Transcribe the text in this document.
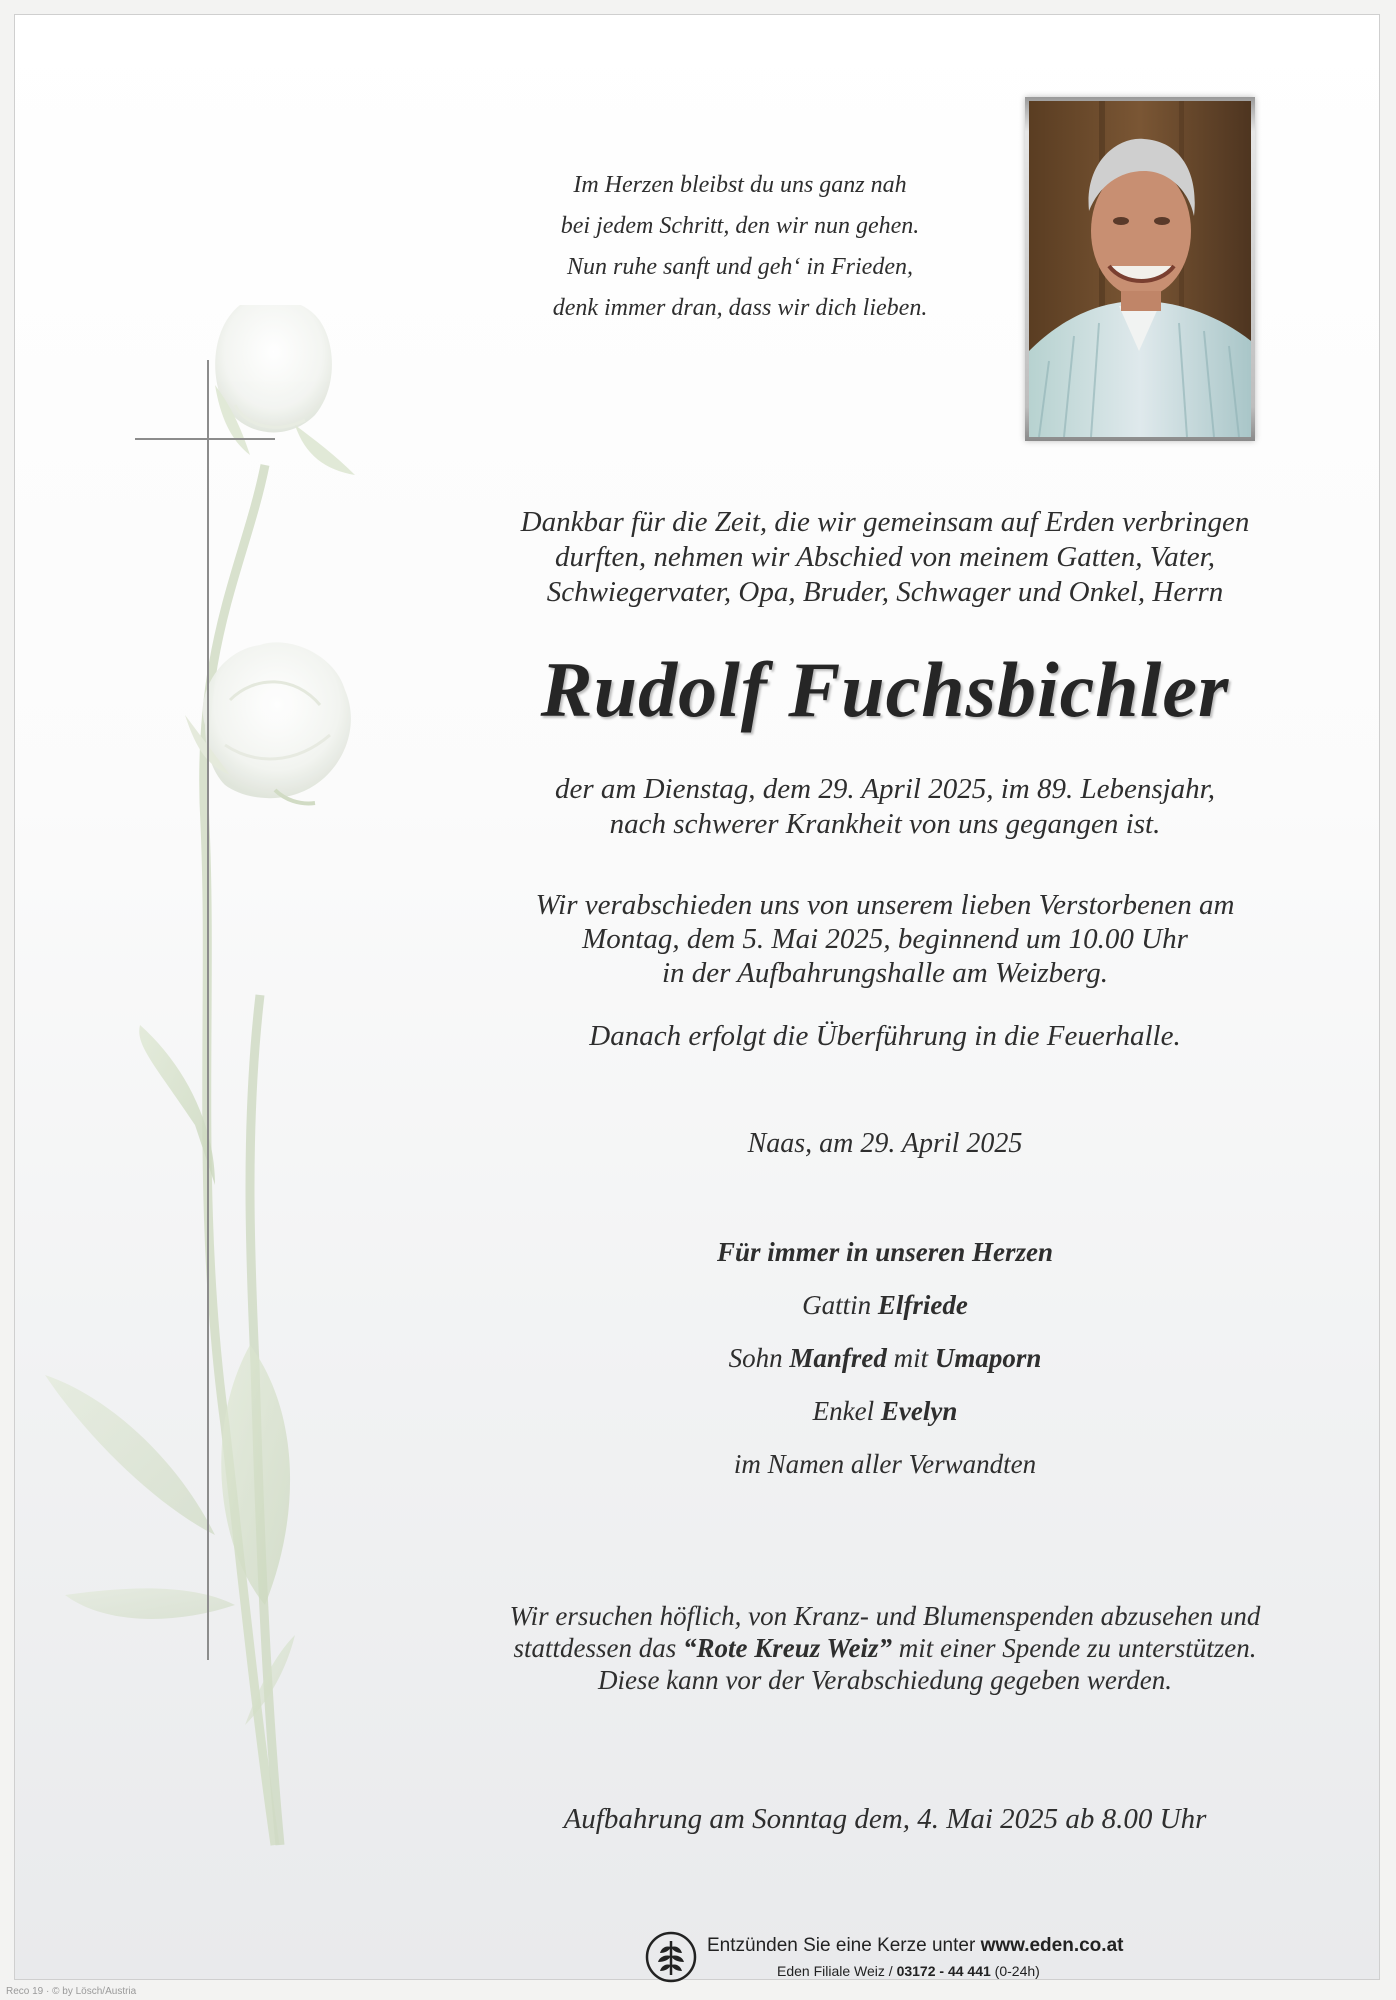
Im Herzen bleibst du uns ganz nah
bei jedem Schritt, den wir nun gehen.
Nun ruhe sanft und geh‘ in Frieden,
denk immer dran, dass wir dich lieben.
Dankbar für die Zeit, die wir gemeinsam auf Erden verbringen
durften, nehmen wir Abschied von meinem Gatten, Vater,
Schwiegervater, Opa, Bruder, Schwager und Onkel, Herrn
Rudolf Fuchsbichler
der am Dienstag, dem 29. April 2025, im 89. Lebensjahr,
nach schwerer Krankheit von uns gegangen ist.
Wir verabschieden uns von unserem lieben Verstorbenen am
Montag, dem 5. Mai 2025, beginnend um 10.00 Uhr
in der Aufbahrungshalle am Weizberg.
Danach erfolgt die Überführung in die Feuerhalle.
Naas, am 29. April 2025
Für immer in unseren Herzen
Gattin Elfriede
Sohn Manfred mit Umaporn
Enkel Evelyn
im Namen aller Verwandten
Wir ersuchen höflich, von Kranz- und Blumenspenden abzusehen und
stattdessen das “Rote Kreuz Weiz” mit einer Spende zu unterstützen.
Diese kann vor der Verabschiedung gegeben werden.
Aufbahrung am Sonntag dem, 4. Mai 2025 ab 8.00 Uhr
Entzünden Sie eine Kerze unter www.eden.co.at
Eden Filiale Weiz / 03172 - 44 441 (0-24h)
Reco 19 · © by Lösch/Austria
